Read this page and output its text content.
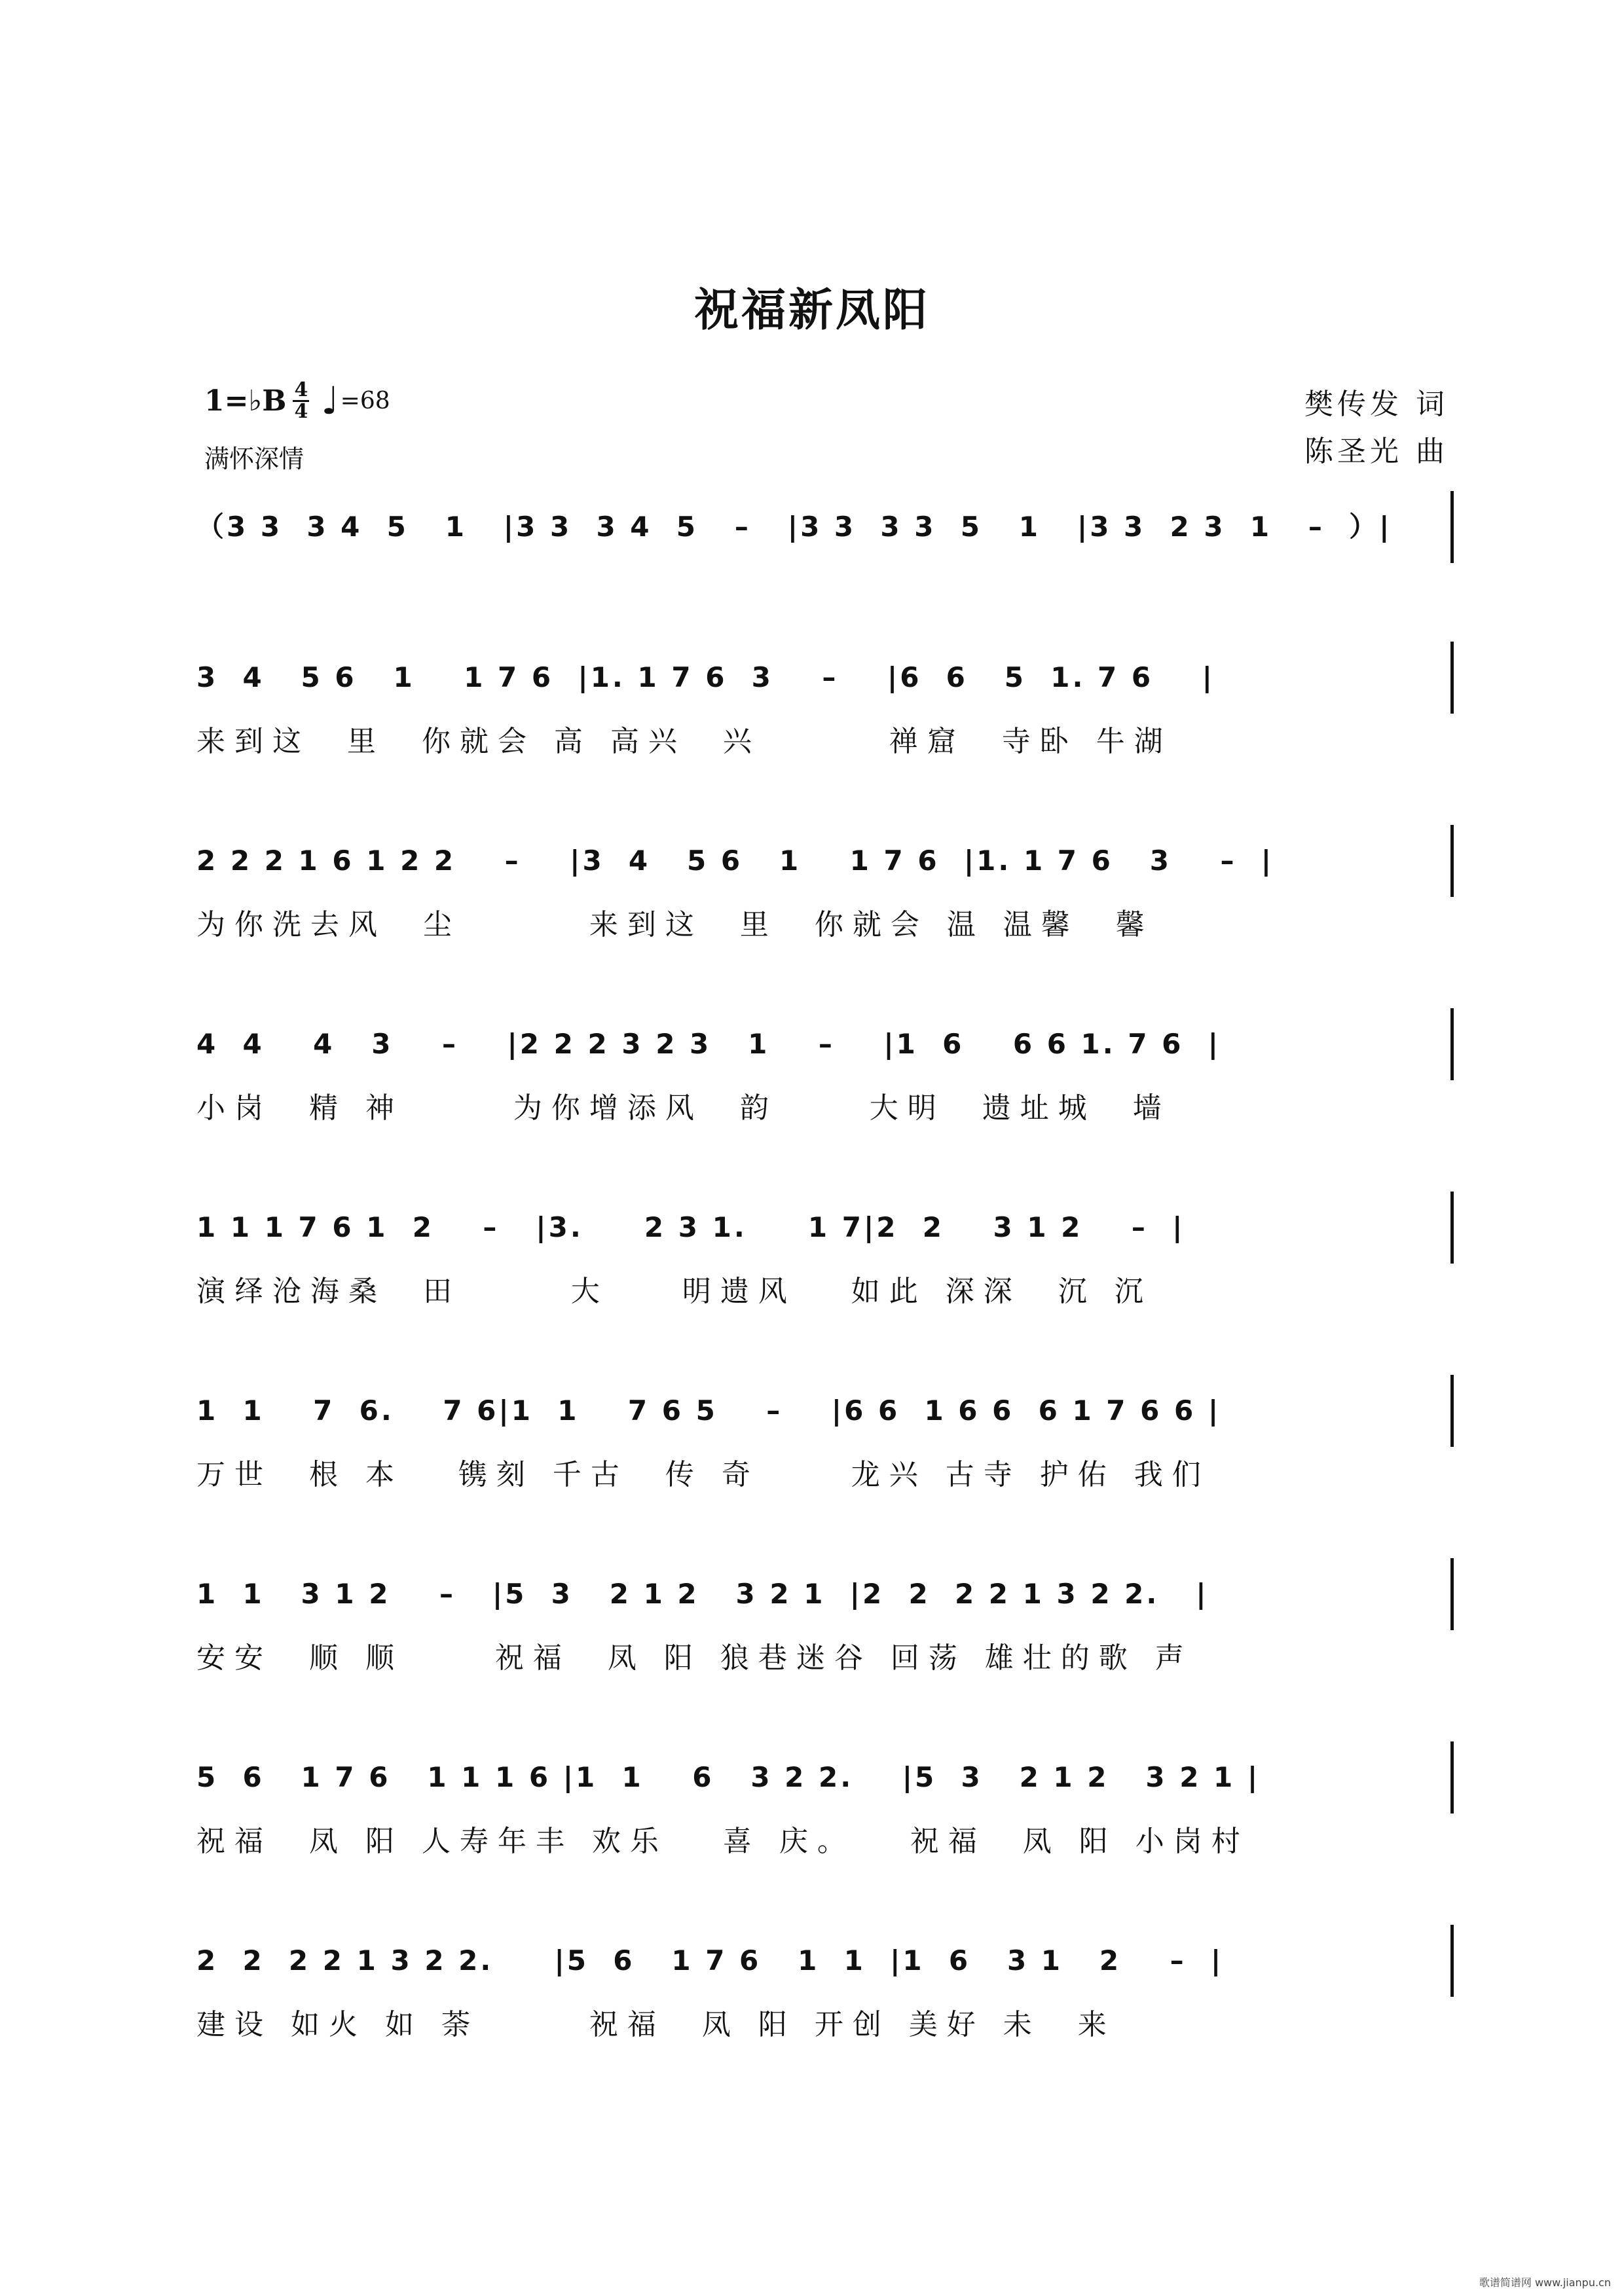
祝福新凤阳
1=♭B $\frac{4}{4}$ ♩ =68
满怀深情
樊传发 词
陈圣光 曲
（3 3  3 4  5   1   |3 3  3 4  5   –   |3 3  3 3  5   1   |3 3  2 3  1   –  ）|
3  4   5 6   1    1 7 6  |1. 1 7 6  3    –    |6  6   5  1. 7 6    |
来到这  里  你就会 高 高兴  兴       禅窟  寺卧 牛湖
2 2 2 1 6 1 2 2    –    |3  4   5 6   1    1 7 6  |1. 1 7 6   3    –  |
为你洗去风  尘       来到这  里  你就会 温 温馨  馨
4  4    4   3    –    |2 2 2 3 2 3   1    –    |1  6    6 6 1. 7 6  |
小岗  精 神      为你增添风  韵     大明  遗址城  墙
1 1 1 7 6 1  2    –   |3.     2 3 1.     1 7|2  2    3 1 2    –  |
演绎沧海桑  田      大    明遗风   如此 深深  沉 沉
1  1    7  6.    7 6|1  1    7 6 5    –    |6 6  1 6 6  6 1 7 6 6 |
万世  根 本   镌刻 千古  传 奇     龙兴 古寺 护佑 我们
1  1   3 1 2    –   |5  3   2 1 2   3 2 1  |2  2  2 2 1 3 2 2.   |
安安  顺 顺     祝福  凤 阳 狼巷迷谷 回荡 雄壮的歌 声
5  6   1 7 6   1 1 1 6 |1  1    6   3 2 2.    |5  3   2 1 2   3 2 1 |
祝福  凤 阳 人寿年丰 欢乐   喜 庆。   祝福  凤 阳 小岗村
2  2  2 2 1 3 2 2.     |5  6   1 7 6   1  1  |1  6   3 1   2    –  |
建设 如火 如 荼      祝福  凤 阳 开创 美好 未  来
歌谱简谱网 www.jianpu.cn
